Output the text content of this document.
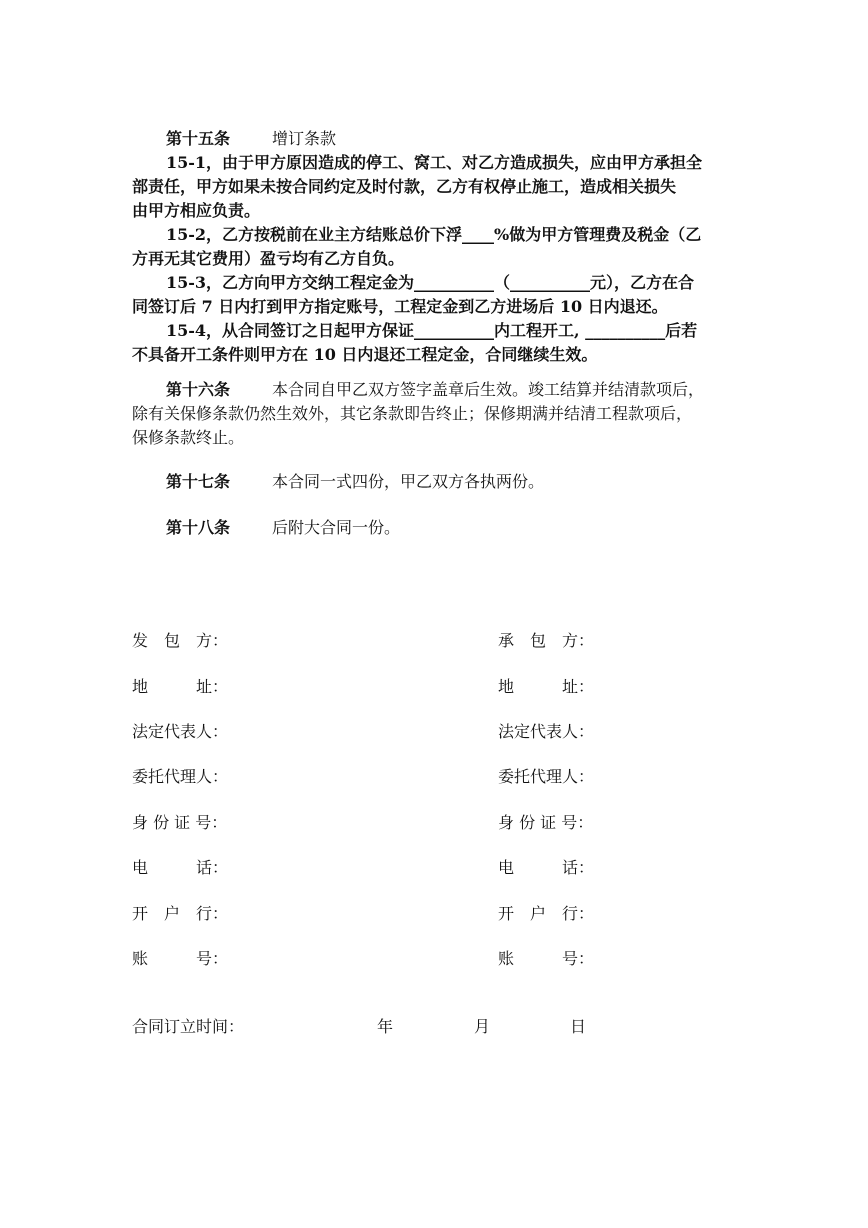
第十五条	增订条款
15-1，由于甲方原因造成的停工、窝工、对乙方造成损失，应由甲方承担全
部责任，甲方如果未按合同约定及时付款，乙方有权停止施工，造成相关损失
由甲方相应负责。
15-2，乙方按税前在业主方结账总价下浮____%做为甲方管理费及税金（乙
方再无其它费用）盈亏均有乙方自负。
15-3，乙方向甲方交纳工程定金为__________（__________元），乙方在合
同签订后 7 日内打到甲方指定账号，工程定金到乙方进场后 10 日内退还。
15-4，从合同签订之日起甲方保证__________内工程开工, __________后若
不具备开工条件则甲方在 10 日内退还工程定金，合同继续生效。
第十六条	本合同自甲乙双方签字盖章后生效。竣工结算并结清款项后，
除有关保修条款仍然生效外，其它条款即告终止；保修期满并结清工程款项后，
保修条款终止。
第十七条	本合同一式四份，甲乙双方各执两份。
第十八条	后附大合同一份。
发　包　方：	承　包　方：
地　　　址：	地　　　址：
法定代表人：	法定代表人：
委托代理人：	委托代理人：
身 份 证 号：	身 份 证 号：
电　　　话：	电　　　话：
开　户　行：	开　户　行：
账　　　号：	账　　　号：
合同订立时间：	年	月	日
